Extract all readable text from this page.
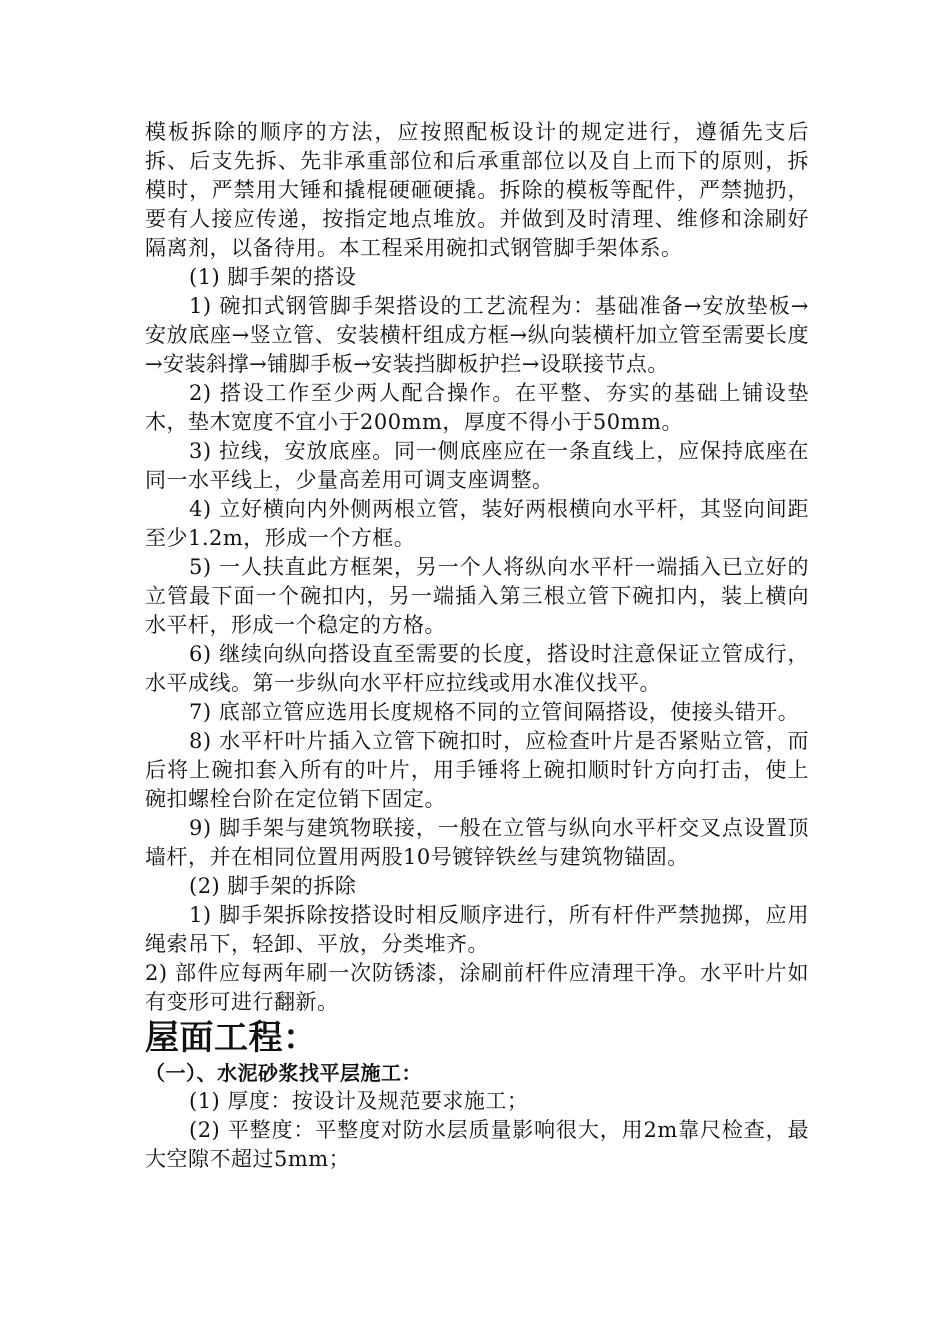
模板拆除的顺序的方法，应按照配板设计的规定进行，遵循先支后拆、后支先拆、先非承重部位和后承重部位以及自上而下的原则，拆模时，严禁用大锤和撬棍硬砸硬撬。拆除的模板等配件，严禁抛扔，要有人接应传递，按指定地点堆放。并做到及时清理、维修和涂刷好隔离剂，以备待用。本工程采用碗扣式钢管脚手架体系。

(1) 脚手架的搭设

1) 碗扣式钢管脚手架搭设的工艺流程为：基础准备→安放垫板→安放底座→竖立管、安装横杆组成方框→纵向装横杆加立管至需要长度→安装斜撑→铺脚手板→安装挡脚板护拦→设联接节点。

2) 搭设工作至少两人配合操作。在平整、夯实的基础上铺设垫木，垫木宽度不宜小于200mm，厚度不得小于50mm。

3) 拉线，安放底座。同一侧底座应在一条直线上，应保持底座在同一水平线上，少量高差用可调支座调整。

4) 立好横向内外侧两根立管，装好两根横向水平杆，其竖向间距至少1.2m，形成一个方框。

5) 一人扶直此方框架，另一个人将纵向水平杆一端插入已立好的立管最下面一个碗扣内，另一端插入第三根立管下碗扣内，装上横向水平杆，形成一个稳定的方格。

6) 继续向纵向搭设直至需要的长度，搭设时注意保证立管成行，水平成线。第一步纵向水平杆应拉线或用水准仪找平。

7) 底部立管应选用长度规格不同的立管间隔搭设，使接头错开。

8) 水平杆叶片插入立管下碗扣时，应检查叶片是否紧贴立管，而后将上碗扣套入所有的叶片，用手锤将上碗扣顺时针方向打击，使上碗扣螺栓台阶在定位销下固定。

9) 脚手架与建筑物联接，一般在立管与纵向水平杆交叉点设置顶墙杆，并在相同位置用两股10号镀锌铁丝与建筑物锚固。

(2) 脚手架的拆除

1) 脚手架拆除按搭设时相反顺序进行，所有杆件严禁抛掷，应用绳索吊下，轻卸、平放，分类堆齐。

2) 部件应每两年刷一次防锈漆，涂刷前杆件应清理干净。水平叶片如有变形可进行翻新。

屋面工程：
（一）、水泥砂浆找平层施工：

(1) 厚度：按设计及规范要求施工；

(2) 平整度：平整度对防水层质量影响很大，用2m靠尺检查，最大空隙不超过5mm；
